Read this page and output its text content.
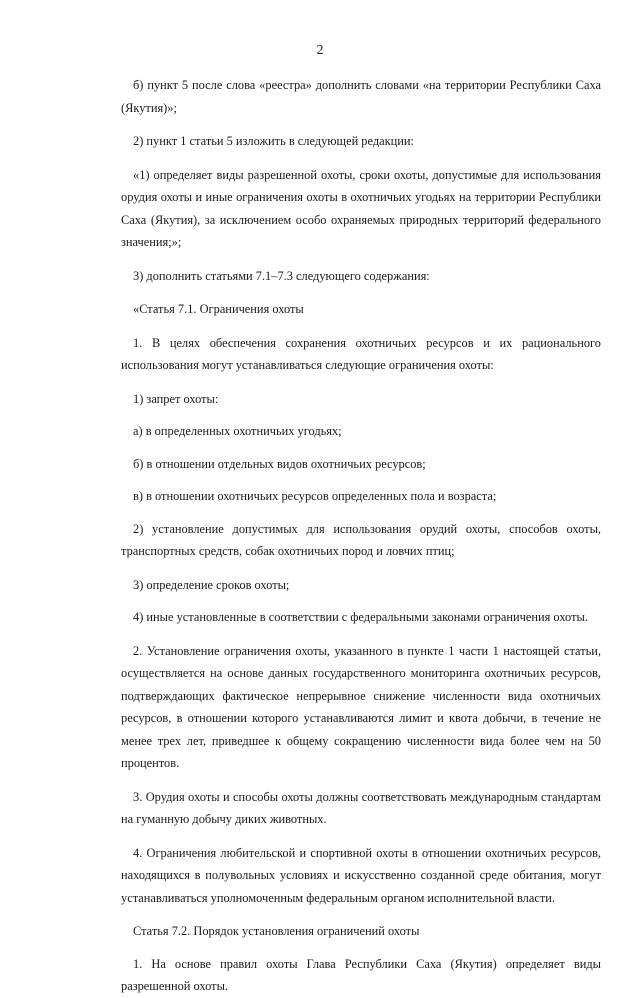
2

б) пункт 5 после слова «реестра» дополнить словами «на территории Республики Саха (Якутия)»;

2) пункт 1 статьи 5 изложить в следующей редакции:

«1) определяет виды разрешенной охоты, сроки охоты, допустимые для использования орудия охоты и иные ограничения охоты в охотничьих угодьях на территории Республики Саха (Якутия), за исключением особо охраняемых природных территорий федерального значения;»;

3) дополнить статьями 7.1–7.3 следующего содержания:

«Статья 7.1. Ограничения охоты

1. В целях обеспечения сохранения охотничьих ресурсов и их рационального использования могут устанавливаться следующие ограничения охоты:

1) запрет охоты:

а) в определенных охотничьих угодьях;

б) в отношении отдельных видов охотничьих ресурсов;

в) в отношении охотничьих ресурсов определенных пола и возраста;

2) установление допустимых для использования орудий охоты, способов охоты, транспортных средств, собак охотничьих пород и ловчих птиц;

3) определение сроков охоты;

4) иные установленные в соответствии с федеральными законами ограничения охоты.

2. Установление ограничения охоты, указанного в пункте 1 части 1 настоящей статьи, осуществляется на основе данных государственного мониторинга охотничьих ресурсов, подтверждающих фактическое непрерывное снижение численности вида охотничьих ресурсов, в отношении которого устанавливаются лимит и квота добычи, в течение не менее трех лет, приведшее к общему сокращению численности вида более чем на 50 процентов.

3. Орудия охоты и способы охоты должны соответствовать международным стандартам на гуманную добычу диких животных.

4. Ограничения любительской и спортивной охоты в отношении охотничьих ресурсов, находящихся в полувольных условиях и искусственно созданной среде обитания, могут устанавливаться уполномоченным федеральным органом исполнительной власти.

Статья 7.2. Порядок установления ограничений охоты

1. На основе правил охоты Глава Республики Саха (Якутия) определяет виды разрешенной охоты.
